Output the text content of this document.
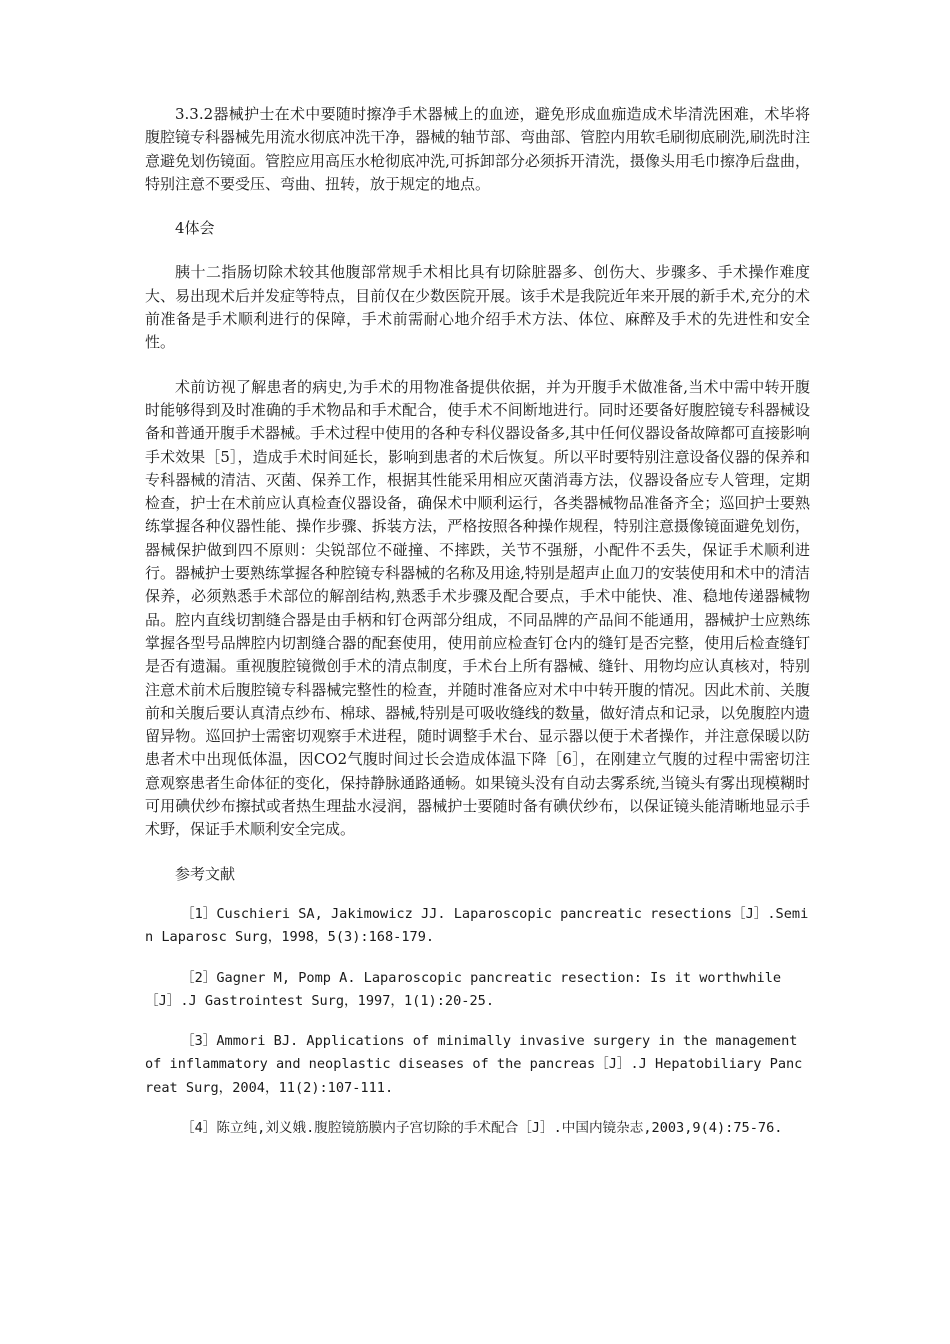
3.3.2器械护士在术中要随时擦净手术器械上的血迹，避免形成血痂造成术毕清洗困难，术毕将腹腔镜专科器械先用流水彻底冲洗干净，器械的轴节部、弯曲部、管腔内用软毛刷彻底刷洗,刷洗时注意避免划伤镜面。管腔应用高压水枪彻底冲洗,可拆卸部分必须拆开清洗，摄像头用毛巾擦净后盘曲，特别注意不要受压、弯曲、扭转，放于规定的地点。

4体会

胰十二指肠切除术较其他腹部常规手术相比具有切除脏器多、创伤大、步骤多、手术操作难度大、易出现术后并发症等特点，目前仅在少数医院开展。该手术是我院近年来开展的新手术,充分的术前准备是手术顺利进行的保障，手术前需耐心地介绍手术方法、体位、麻醉及手术的先进性和安全性。

术前访视了解患者的病史,为手术的用物准备提供依据，并为开腹手术做准备,当术中需中转开腹时能够得到及时准确的手术物品和手术配合，使手术不间断地进行。同时还要备好腹腔镜专科器械设备和普通开腹手术器械。手术过程中使用的各种专科仪器设备多,其中任何仪器设备故障都可直接影响手术效果［5］，造成手术时间延长，影响到患者的术后恢复。所以平时要特别注意设备仪器的保养和专科器械的清洁、灭菌、保养工作，根据其性能采用相应灭菌消毒方法，仪器设备应专人管理，定期检查，护士在术前应认真检查仪器设备，确保术中顺利运行，各类器械物品准备齐全；巡回护士要熟练掌握各种仪器性能、操作步骤、拆装方法，严格按照各种操作规程，特别注意摄像镜面避免划伤，器械保护做到四不原则：尖锐部位不碰撞、不摔跌，关节不强掰，小配件不丢失，保证手术顺利进行。器械护士要熟练掌握各种腔镜专科器械的名称及用途,特别是超声止血刀的安装使用和术中的清洁保养，必须熟悉手术部位的解剖结构,熟悉手术步骤及配合要点，手术中能快、准、稳地传递器械物品。腔内直线切割缝合器是由手柄和钉仓两部分组成，不同品牌的产品间不能通用，器械护士应熟练掌握各型号品牌腔内切割缝合器的配套使用，使用前应检查钉仓内的缝钉是否完整，使用后检查缝钉是否有遗漏。重视腹腔镜微创手术的清点制度，手术台上所有器械、缝针、用物均应认真核对，特别注意术前术后腹腔镜专科器械完整性的检查，并随时准备应对术中中转开腹的情况。因此术前、关腹前和关腹后要认真清点纱布、棉球、器械,特别是可吸收缝线的数量，做好清点和记录，以免腹腔内遗留异物。巡回护士需密切观察手术进程，随时调整手术台、显示器以便于术者操作，并注意保暖以防患者术中出现低体温，因CO2气腹时间过长会造成体温下降［6］，在刚建立气腹的过程中需密切注意观察患者生命体征的变化，保持静脉通路通畅。如果镜头没有自动去雾系统,当镜头有雾出现模糊时可用碘伏纱布擦拭或者热生理盐水浸润，器械护士要随时备有碘伏纱布，以保证镜头能清晰地显示手术野，保证手术顺利安全完成。

参考文献

［1］Cuschieri SA, Jakimowicz JJ. Laparoscopic pancreatic resections［J］.Semin Laparosc Surg，1998，5(3):168-179.

［2］Gagner M, Pomp A. Laparoscopic pancreatic resection: Is it worthwhile ［J］.J Gastrointest Surg，1997，1(1):20-25.

［3］Ammori BJ. Applications of minimally invasive surgery in the management of inflammatory and neoplastic diseases of the pancreas［J］.J Hepatobiliary Pancreat Surg，2004，11(2):107-111.

［4］陈立纯,刘义娥.腹腔镜筋膜内子宫切除的手术配合［J］.中国内镜杂志,2003,9(4):75-76.
